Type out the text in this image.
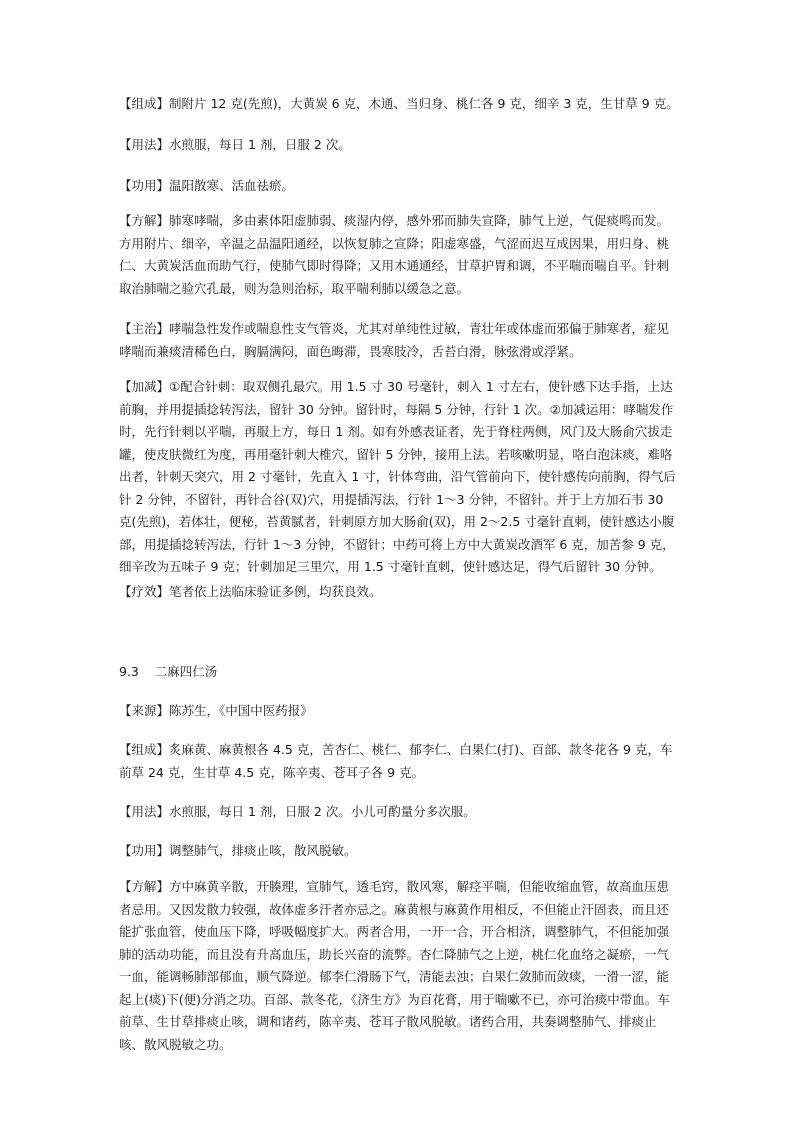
【组成】制附片 12 克(先煎)，大黄炭 6 克，木通、当归身、桃仁各 9 克，细辛 3 克，生甘草 9 克。

【用法】水煎服，每日 1 剂，日服 2 次。

【功用】温阳散寒、活血祛瘀。

【方解】肺寒哮喘，多由素体阳虚肺弱、痰湿内停，感外邪而肺失宣降，肺气上逆，气促痰鸣而发。方用附片、细辛，辛温之品温阳通经，以恢复肺之宣降；阳虚寒盛，气涩而迟互成因果，用归身、桃仁、大黄炭活血而助气行，使肺气即时得降；又用木通通经，甘草护胃和调，不平喘而喘自平。针刺取治肺喘之验穴孔最，则为急则治标，取平喘利肺以缓急之意。

【主治】哮喘急性发作或喘息性支气管炎，尤其对单纯性过敏，青壮年或体虚而邪偏于肺寒者，症见哮喘而兼痰清稀色白，胸膈满闷，面色晦滞，畏寒肢冷，舌苔白滑，脉弦滑或浮紧。

【加减】①配合针刺：取双侧孔最穴。用 1.5 寸 30 号毫针，刺入 1 寸左右，使针感下达手指，上达前胸，并用提插捻转泻法，留针 30 分钟。留针时，每隔 5 分钟，行针 1 次。②加减运用：哮喘发作时，先行针刺以平喘，再服上方，每日 1 剂。如有外感表证者，先于脊柱两侧，风门及大肠俞穴拔走罐，使皮肤微红为度，再用毫针刺大椎穴，留针 5 分钟，接用上法。若咳嗽明显，咯白泡沫痰，难咯出者，针刺天突穴，用 2 寸毫针，先直入 1 寸，针体弯曲，沿气管前向下，使针感传向前胸，得气后针 2 分钟，不留针，再针合谷(双)穴，用提插泻法，行针 1～3 分钟，不留针。并于上方加石韦 30 克(先煎)，若体壮，便秘，苔黄腻者，针刺原方加大肠俞(双)，用 2～2.5 寸毫针直刺，使针感达小腹部，用提插捻转泻法，行针 1～3 分钟，不留针；中药可将上方中大黄炭改酒军 6 克，加苦参 9 克，细辛改为五味子 9 克；针刺加足三里穴，用 1.5 寸毫针直刺，使针感达足，得气后留针 30 分钟。

【疗效】笔者依上法临床验证多例，均获良效。

9.3    二麻四仁汤

【来源】陈苏生，《中国中医药报》

【组成】炙麻黄、麻黄根各 4.5 克，苦杏仁、桃仁、郁李仁、白果仁(打)、百部、款冬花各 9 克，车前草 24 克，生甘草 4.5 克，陈辛夷、苍耳子各 9 克。

【用法】水煎服，每日 1 剂，日服 2 次。小儿可酌量分多次服。

【功用】调整肺气，排痰止咳，散风脱敏。

【方解】方中麻黄辛散，开腠理，宣肺气，透毛窍，散风寒，解痉平喘，但能收缩血管，故高血压患者忌用。又因发散力较强，故体虚多汗者亦忌之。麻黄根与麻黄作用相反，不但能止汗固表，而且还能扩张血管，使血压下降，呼吸幅度扩大。两者合用，一开一合，开合相济，调整肺气，不但能加强肺的活动功能，而且没有升高血压，助长兴奋的流弊。杏仁降肺气之上逆，桃仁化血络之凝瘀，一气一血，能调畅肺部郁血，顺气降逆。郁李仁滑肠下气，清能去浊；白果仁敛肺而敛痰，一滑一涩，能起上(痰)下(便)分消之功。百部、款冬花，《济生方》为百花膏，用于喘嗽不已，亦可治痰中带血。车前草、生甘草排痰止咳，调和诸药，陈辛夷、苍耳子散风脱敏。诸药合用，共奏调整肺气、排痰止咳、散风脱敏之功。
